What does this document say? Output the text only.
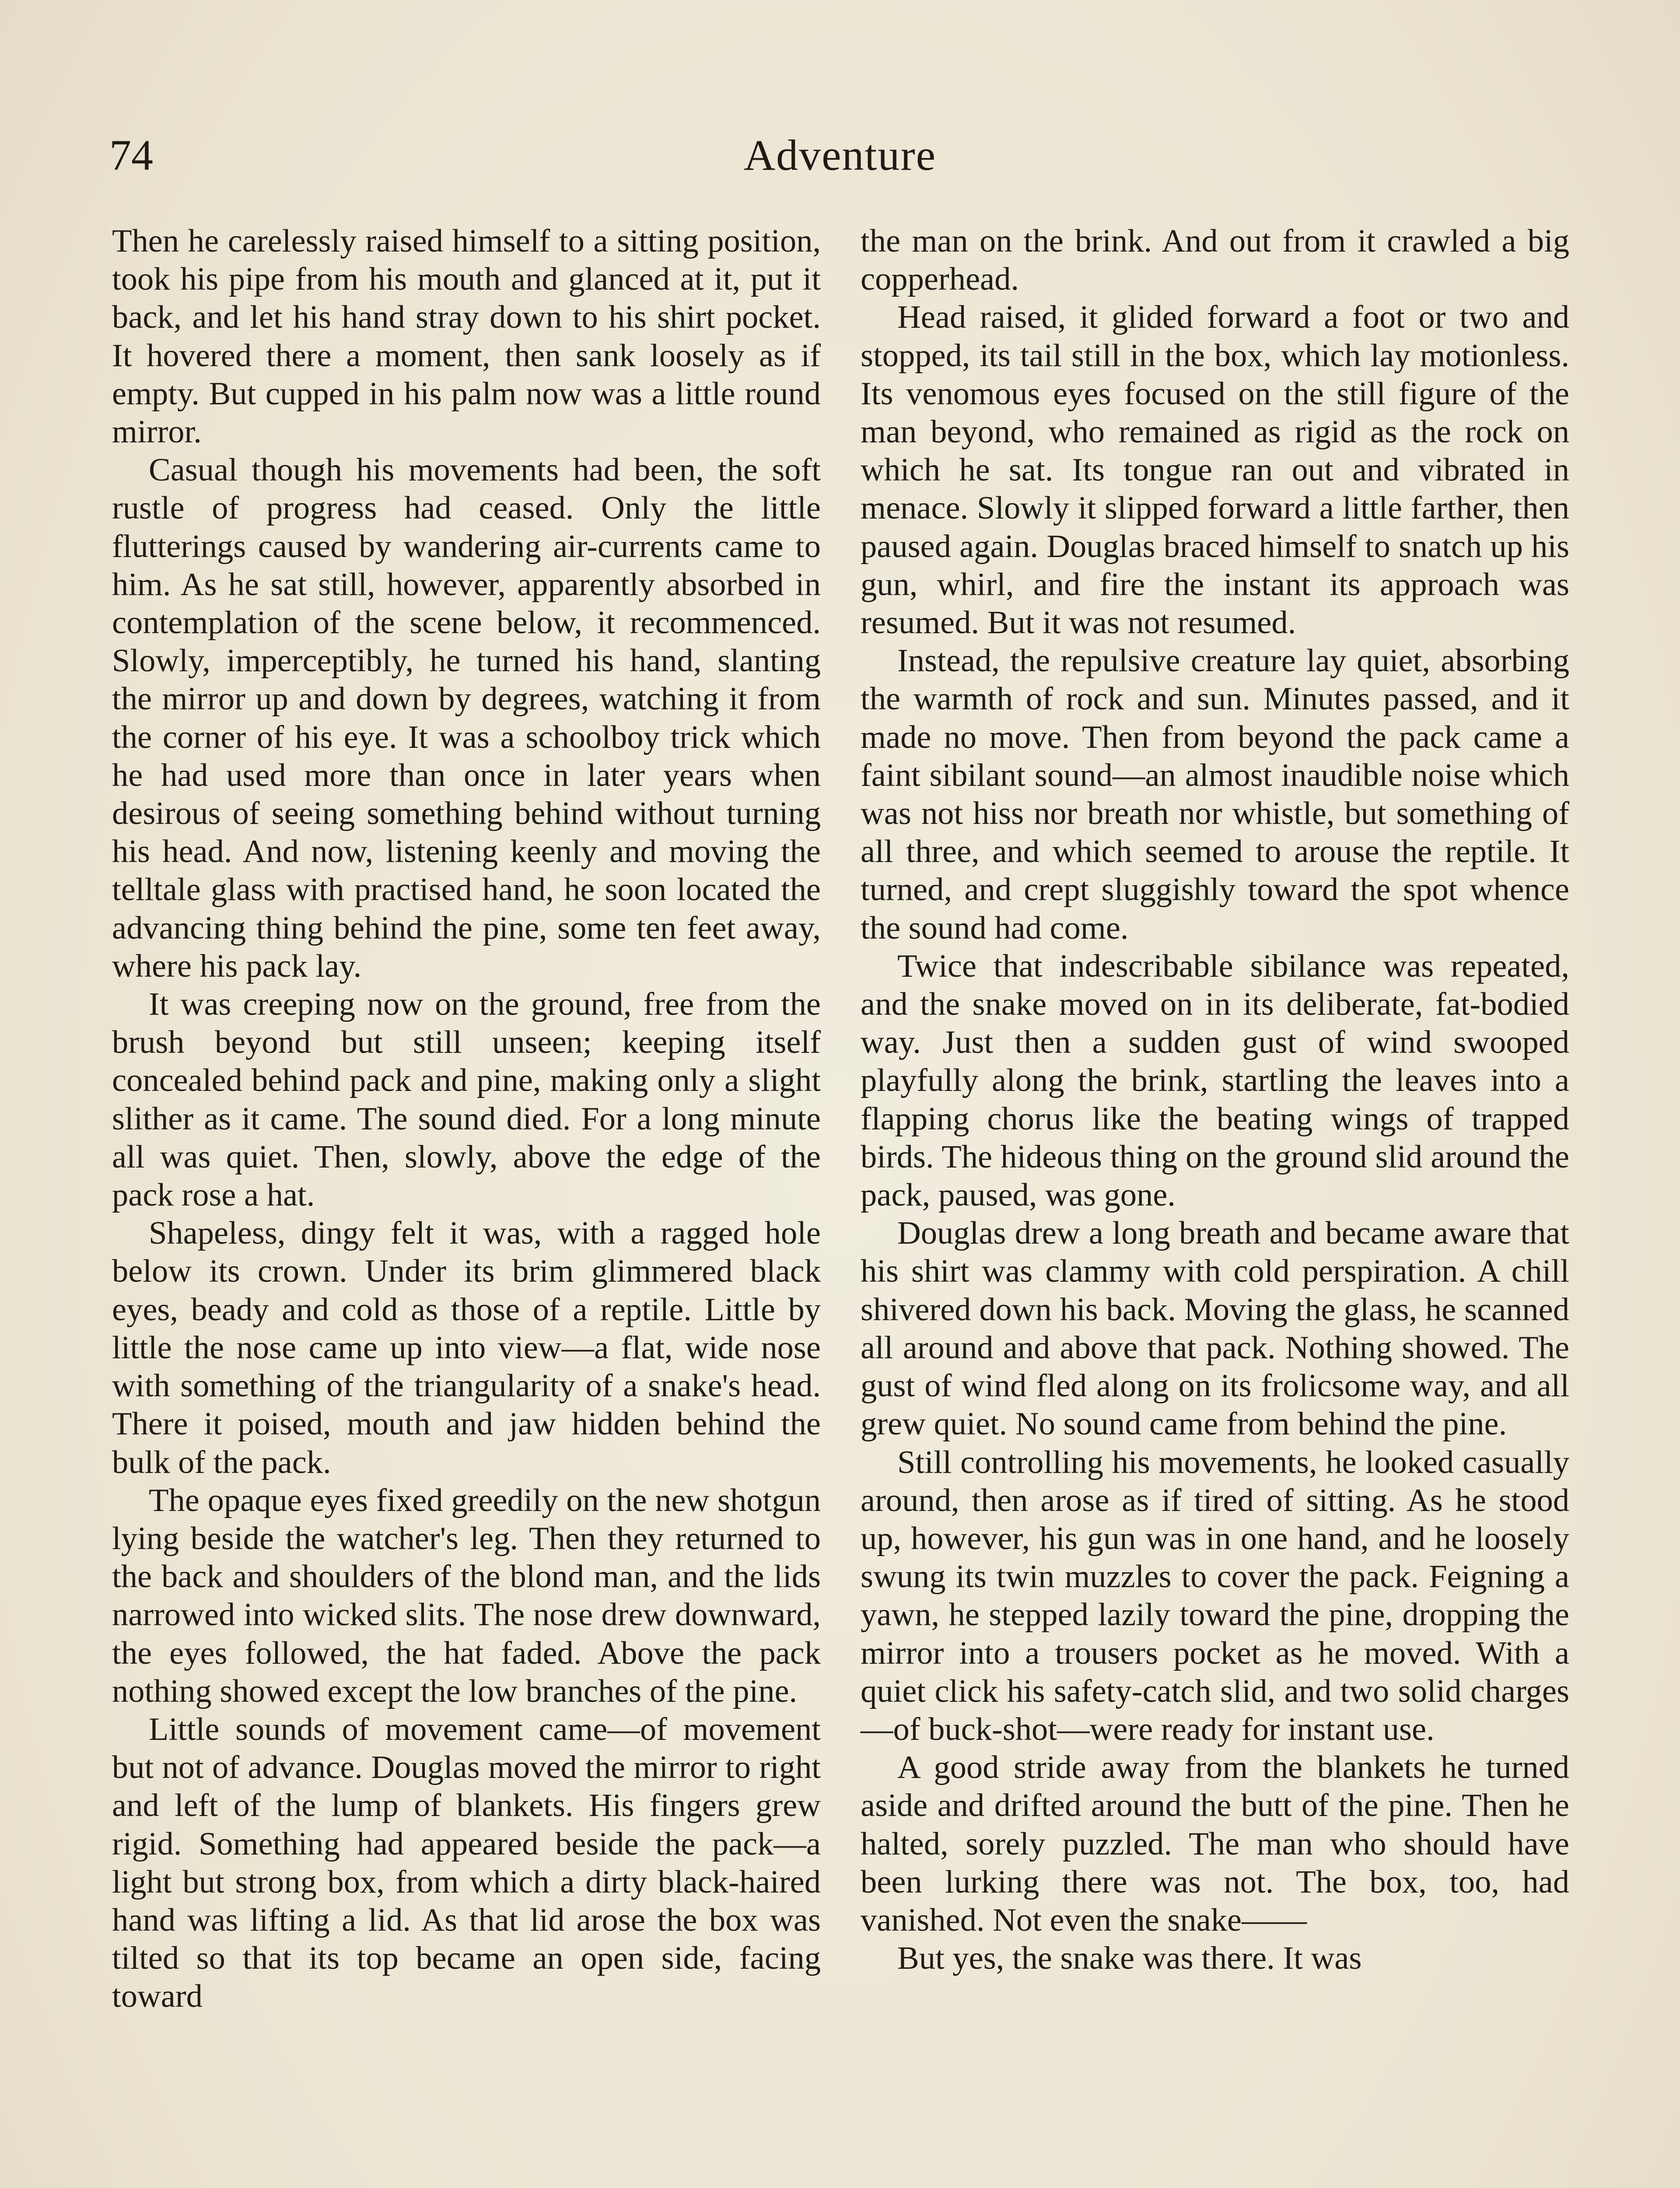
74	Adventure

Then he carelessly raised himself to a sitting position, took his pipe from his mouth and glanced at it, put it back, and let his hand stray down to his shirt pocket. It hovered there a moment, then sank loosely as if empty. But cupped in his palm now was a little round mirror.

Casual though his movements had been, the soft rustle of progress had ceased. Only the little flutterings caused by wandering air-currents came to him. As he sat still, however, apparently absorbed in contemplation of the scene below, it recommenced. Slowly, imperceptibly, he turned his hand, slanting the mirror up and down by degrees, watching it from the corner of his eye. It was a schoolboy trick which he had used more than once in later years when desirous of seeing something behind without turning his head. And now, listening keenly and moving the telltale glass with practised hand, he soon located the advancing thing behind the pine, some ten feet away, where his pack lay.

It was creeping now on the ground, free from the brush beyond but still unseen; keeping itself concealed behind pack and pine, making only a slight slither as it came. The sound died. For a long minute all was quiet. Then, slowly, above the edge of the pack rose a hat.

Shapeless, dingy felt it was, with a ragged hole below its crown. Under its brim glimmered black eyes, beady and cold as those of a reptile. Little by little the nose came up into view—a flat, wide nose with something of the triangularity of a snake's head. There it poised, mouth and jaw hidden behind the bulk of the pack.

The opaque eyes fixed greedily on the new shotgun lying beside the watcher's leg. Then they returned to the back and shoulders of the blond man, and the lids narrowed into wicked slits. The nose drew downward, the eyes followed, the hat faded. Above the pack nothing showed except the low branches of the pine.

Little sounds of movement came—of movement but not of advance. Douglas moved the mirror to right and left of the lump of blankets. His fingers grew rigid. Something had appeared beside the pack—a light but strong box, from which a dirty black-haired hand was lifting a lid. As that lid arose the box was tilted so that its top became an open side, facing toward

the man on the brink. And out from it crawled a big copperhead.

Head raised, it glided forward a foot or two and stopped, its tail still in the box, which lay motionless. Its venomous eyes focused on the still figure of the man beyond, who remained as rigid as the rock on which he sat. Its tongue ran out and vibrated in menace. Slowly it slipped forward a little farther, then paused again. Douglas braced himself to snatch up his gun, whirl, and fire the instant its approach was resumed. But it was not resumed.

Instead, the repulsive creature lay quiet, absorbing the warmth of rock and sun. Minutes passed, and it made no move. Then from beyond the pack came a faint sibilant sound—an almost inaudible noise which was not hiss nor breath nor whistle, but something of all three, and which seemed to arouse the reptile. It turned, and crept sluggishly toward the spot whence the sound had come.

Twice that indescribable sibilance was repeated, and the snake moved on in its deliberate, fat-bodied way. Just then a sudden gust of wind swooped playfully along the brink, startling the leaves into a flapping chorus like the beating wings of trapped birds. The hideous thing on the ground slid around the pack, paused, was gone.

Douglas drew a long breath and became aware that his shirt was clammy with cold perspiration. A chill shivered down his back. Moving the glass, he scanned all around and above that pack. Nothing showed. The gust of wind fled along on its frolicsome way, and all grew quiet. No sound came from behind the pine.

Still controlling his movements, he looked casually around, then arose as if tired of sitting. As he stood up, however, his gun was in one hand, and he loosely swung its twin muzzles to cover the pack. Feigning a yawn, he stepped lazily toward the pine, dropping the mirror into a trousers pocket as he moved. With a quiet click his safety-catch slid, and two solid charges—of buck-shot—were ready for instant use.

A good stride away from the blankets he turned aside and drifted around the butt of the pine. Then he halted, sorely puzzled. The man who should have been lurking there was not. The box, too, had vanished. Not even the snake——

But yes, the snake was there. It was
